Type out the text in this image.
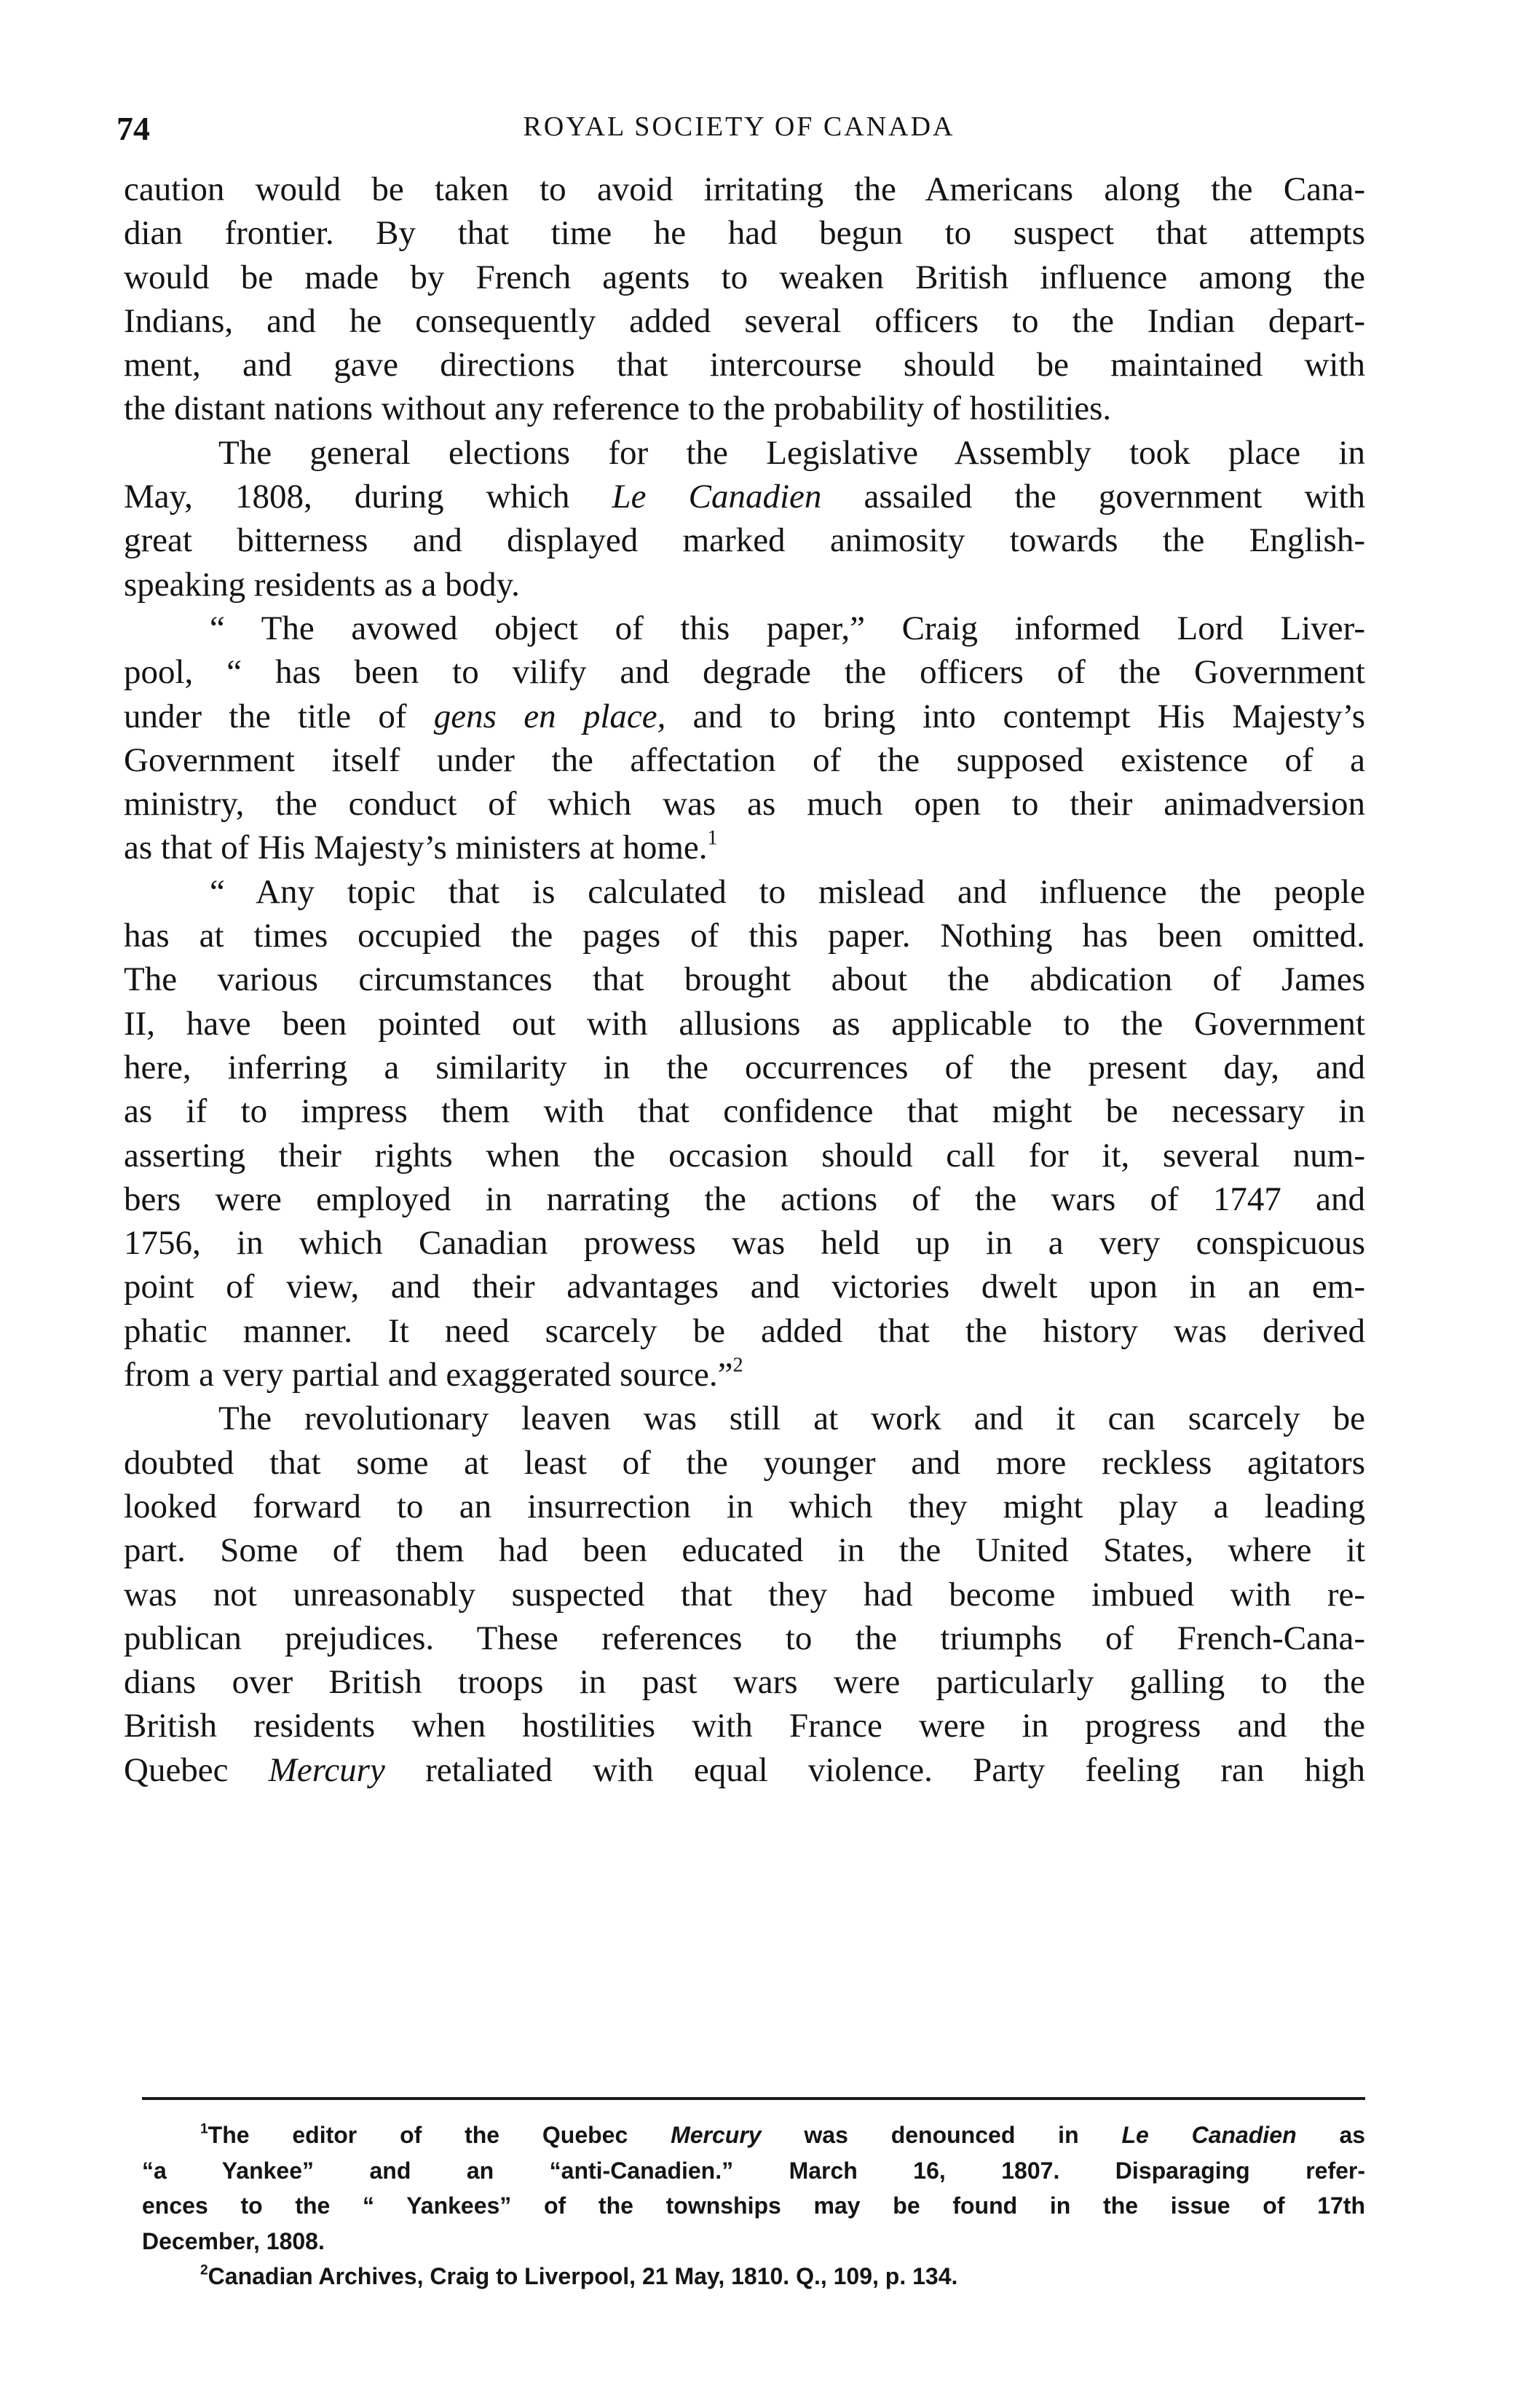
74	ROYAL SOCIETY OF CANADA
caution would be taken to avoid irritating the Americans along the Cana-
dian frontier. By that time he had begun to suspect that attempts
would be made by French agents to weaken British influence among the
Indians, and he consequently added several officers to the Indian depart-
ment, and gave directions that intercourse should be maintained with
the distant nations without any reference to the probability of hostilities.
The general elections for the Legislative Assembly took place in
May, 1808, during which Le Canadien assailed the government with
great bitterness and displayed marked animosity towards the English-
speaking residents as a body.
“ The avowed object of this paper,” Craig informed Lord Liver-
pool, “ has been to vilify and degrade the officers of the Government
under the title of gens en place, and to bring into contempt His Majesty’s
Government itself under the affectation of the supposed existence of a
ministry, the conduct of which was as much open to their animadversion
as that of His Majesty’s ministers at home.$^1$
“ Any topic that is calculated to mislead and influence the people
has at times occupied the pages of this paper. Nothing has been omitted.
The various circumstances that brought about the abdication of James
II, have been pointed out with allusions as applicable to the Government
here, inferring a similarity in the occurrences of the present day, and
as if to impress them with that confidence that might be necessary in
asserting their rights when the occasion should call for it, several num-
bers were employed in narrating the actions of the wars of 1747 and
1756, in which Canadian prowess was held up in a very conspicuous
point of view, and their advantages and victories dwelt upon in an em-
phatic manner. It need scarcely be added that the history was derived
from a very partial and exaggerated source.”$^2$
The revolutionary leaven was still at work and it can scarcely be
doubted that some at least of the younger and more reckless agitators
looked forward to an insurrection in which they might play a leading
part. Some of them had been educated in the United States, where it
was not unreasonably suspected that they had become imbued with re-
publican prejudices. These references to the triumphs of French-Cana-
dians over British troops in past wars were particularly galling to the
British residents when hostilities with France were in progress and the
Quebec Mercury retaliated with equal violence. Party feeling ran high
$^1$The editor of the Quebec Mercury was denounced in Le Canadien as
“a Yankee” and an “anti-Canadien.” March 16, 1807. Disparaging refer-
ences to the “ Yankees” of the townships may be found in the issue of 17th
December, 1808.
$^2$Canadian Archives, Craig to Liverpool, 21 May, 1810. Q., 109, p. 134.
